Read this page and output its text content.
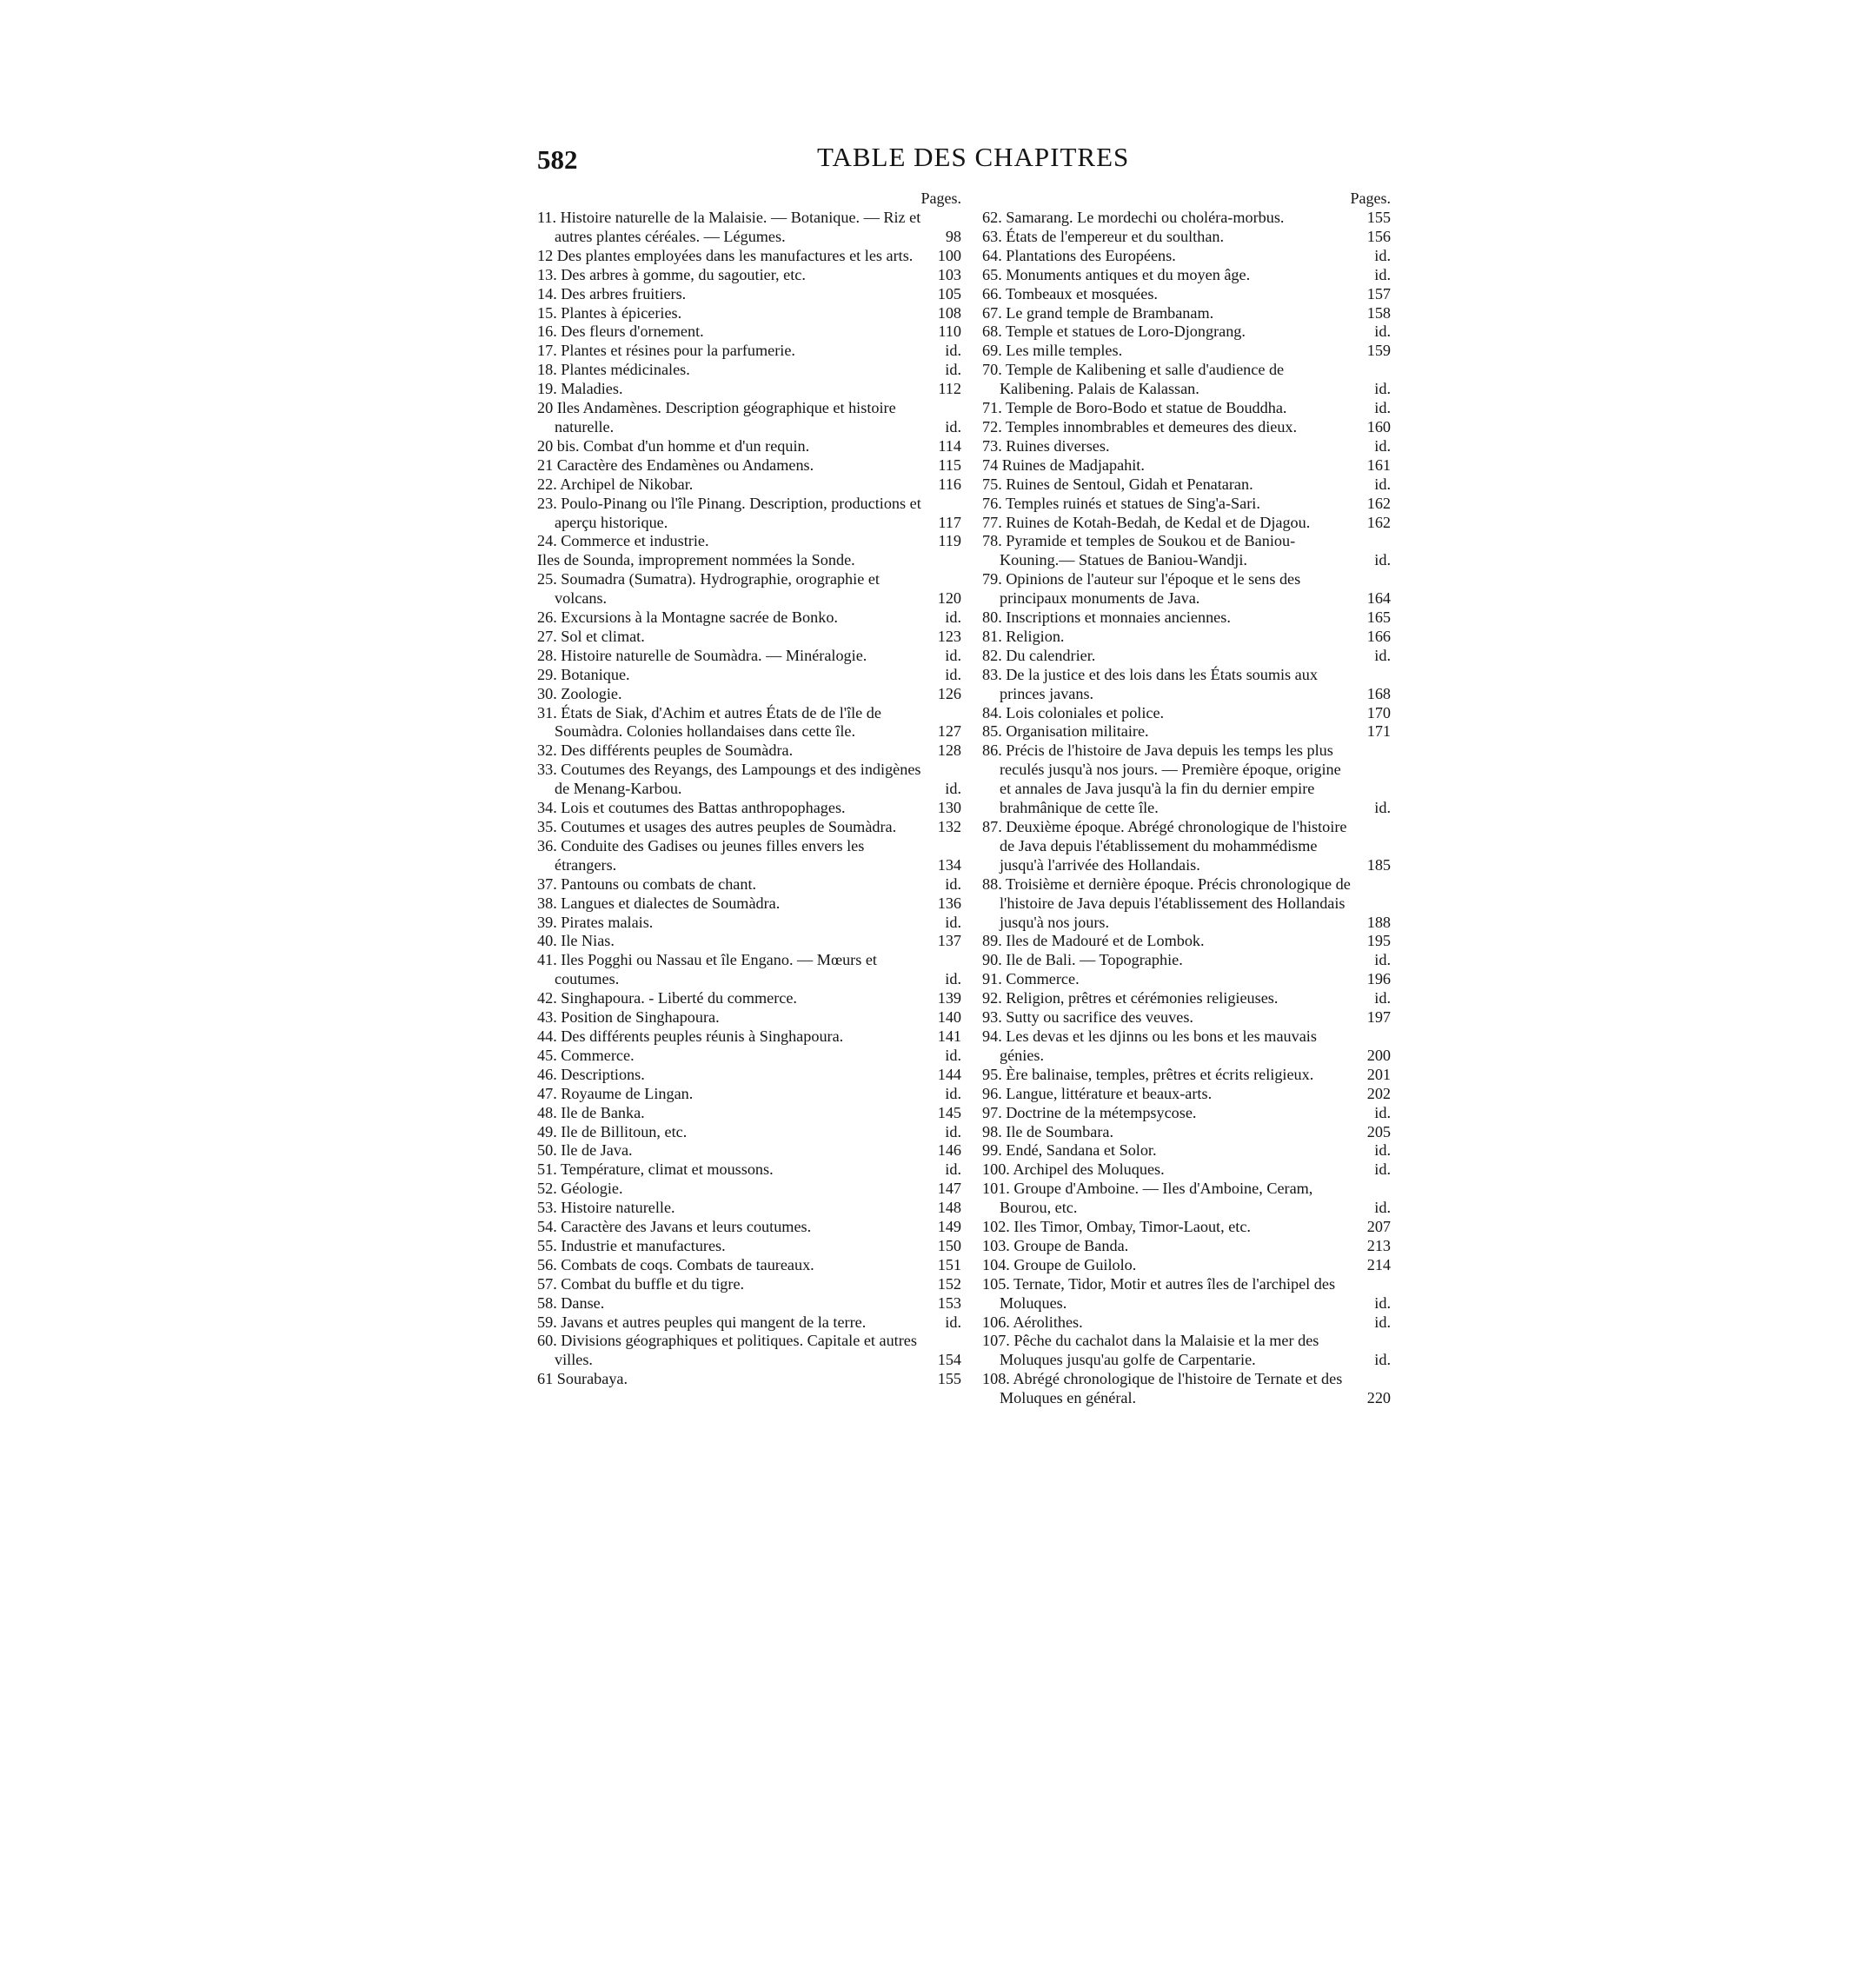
582	TABLE DES CHAPITRES
Pages.
11. Histoire naturelle de la Malaisie. — Botanique. — Riz et autres plantes céréales. — Légumes.	98
12 Des plantes employées dans les manufactures et les arts.	100
13. Des arbres à gomme, du sagoutier, etc.	103
14. Des arbres fruitiers.	105
15. Plantes à épiceries.	108
16. Des fleurs d'ornement.	110
17. Plantes et résines pour la parfumerie.	id.
18. Plantes médicinales.	id.
19. Maladies.	112
20 Iles Andamènes. Description géographique et histoire naturelle.	id.
20 bis. Combat d'un homme et d'un requin.	114
21 Caractère des Endamènes ou Andamens.	115
22. Archipel de Nikobar.	116
23. Poulo-Pinang ou l'île Pinang. Description, productions et aperçu historique.	117
24. Commerce et industrie.	119
Iles de Sounda, improprement nommées la Sonde.
25. Soumadra (Sumatra). Hydrographie, orographie et volcans.	120
26. Excursions à la Montagne sacrée de Bonko.	id.
27. Sol et climat.	123
28. Histoire naturelle de Soumàdra. — Minéralogie.	id.
29. Botanique.	id.
30. Zoologie.	126
31. États de Siak, d'Achim et autres États de de l'île de Soumàdra. Colonies hollandaises dans cette île.	127
32. Des différents peuples de Soumàdra.	128
33. Coutumes des Reyangs, des Lampoungs et des indigènes de Menang-Karbou.	id.
34. Lois et coutumes des Battas anthropophages.	130
35. Coutumes et usages des autres peuples de Soumàdra.	132
36. Conduite des Gadises ou jeunes filles envers les étrangers.	134
37. Pantouns ou combats de chant.	id.
38. Langues et dialectes de Soumàdra.	136
39. Pirates malais.	id.
40. Ile Nias.	137
41. Iles Pogghi ou Nassau et île Engano. — Mœurs et coutumes.	id.
42. Singhapoura. - Liberté du commerce.	139
43. Position de Singhapoura.	140
44. Des différents peuples réunis à Singhapoura.	141
45. Commerce.	id.
46. Descriptions.	144
47. Royaume de Lingan.	id.
48. Ile de Banka.	145
49. Ile de Billitoun, etc.	id.
50. Ile de Java.	146
51. Température, climat et moussons.	id.
52. Géologie.	147
53. Histoire naturelle.	148
54. Caractère des Javans et leurs coutumes.	149
55. Industrie et manufactures.	150
56. Combats de coqs. Combats de taureaux.	151
57. Combat du buffle et du tigre.	152
58. Danse.	153
59. Javans et autres peuples qui mangent de la terre.	id.
60. Divisions géographiques et politiques. Capitale et autres villes.	154
61 Sourabaya.	155
Pages.
62. Samarang. Le mordechi ou choléra-morbus.	155
63. États de l'empereur et du soulthan.	156
64. Plantations des Européens.	id.
65. Monuments antiques et du moyen âge.	id.
66. Tombeaux et mosquées.	157
67. Le grand temple de Brambanam.	158
68. Temple et statues de Loro-Djongrang.	id.
69. Les mille temples.	159
70. Temple de Kalibening et salle d'audience de Kalibening. Palais de Kalassan.	id.
71. Temple de Boro-Bodo et statue de Bouddha.	id.
72. Temples innombrables et demeures des dieux.	160
73. Ruines diverses.	id.
74 Ruines de Madjapahit.	161
75. Ruines de Sentoul, Gidah et Penataran.	id.
76. Temples ruinés et statues de Sing'a-Sari.	162
77. Ruines de Kotah-Bedah, de Kedal et de Djagou.	162
78. Pyramide et temples de Soukou et de Baniou-Kouning.— Statues de Baniou-Wandji.	id.
79. Opinions de l'auteur sur l'époque et le sens des principaux monuments de Java.	164
80. Inscriptions et monnaies anciennes.	165
81. Religion.	166
82. Du calendrier.	id.
83. De la justice et des lois dans les États soumis aux princes javans.	168
84. Lois coloniales et police.	170
85. Organisation militaire.	171
86. Précis de l'histoire de Java depuis les temps les plus reculés jusqu'à nos jours. — Première époque, origine et annales de Java jusqu'à la fin du dernier empire brahmânique de cette île.	id.
87. Deuxième époque. Abrégé chronologique de l'histoire de Java depuis l'établissement du mohammédisme jusqu'à l'arrivée des Hollandais.	185
88. Troisième et dernière époque. Précis chronologique de l'histoire de Java depuis l'établissement des Hollandais jusqu'à nos jours.	188
89. Iles de Madouré et de Lombok.	195
90. Ile de Bali. — Topographie.	id.
91. Commerce.	196
92. Religion, prêtres et cérémonies religieuses.	id.
93. Sutty ou sacrifice des veuves.	197
94. Les devas et les djinns ou les bons et les mauvais génies.	200
95. Ère balinaise, temples, prêtres et écrits religieux.	201
96. Langue, littérature et beaux-arts.	202
97. Doctrine de la métempsycose.	id.
98. Ile de Soumbara.	205
99. Endé, Sandana et Solor.	id.
100. Archipel des Moluques.	id.
101. Groupe d'Amboine. — Iles d'Amboine, Ceram, Bourou, etc.	id.
102. Iles Timor, Ombay, Timor-Laout, etc.	207
103. Groupe de Banda.	213
104. Groupe de Guilolo.	214
105. Ternate, Tidor, Motir et autres îles de l'archipel des Moluques.	id.
106. Aérolithes.	id.
107. Pêche du cachalot dans la Malaisie et la mer des Moluques jusqu'au golfe de Carpentarie.	id.
108. Abrégé chronologique de l'histoire de Ternate et des Moluques en général.	220
